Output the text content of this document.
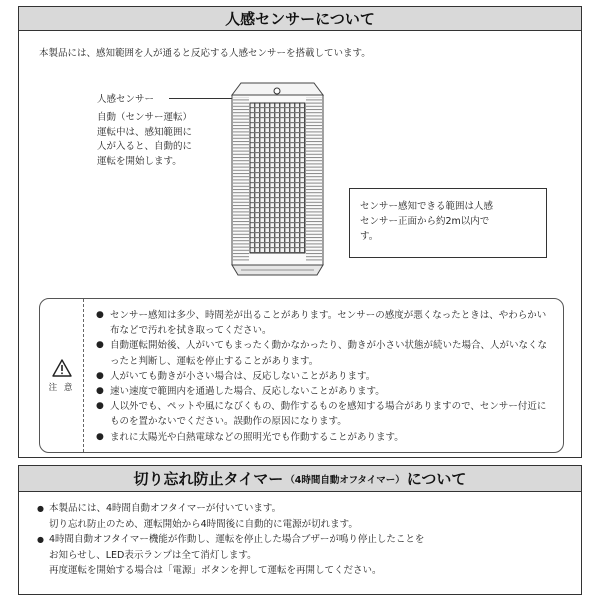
人感センサーについて
本製品には、感知範囲を人が通ると反応する人感センサーを搭載しています。
人感センサー
自動（センサー運転）
運転中は、感知範囲に
人が入ると、自動的に
運転を開始します。
センサー感知できる範囲は人感
センサー正面から約2m以内で
す。
注 意
● センサー感知は多少、時間差が出ることがあります。センサーの感度が悪くなったときは、やわらかい布などで汚れを拭き取ってください。
● 自動運転開始後、人がいてもまったく動かなかったり、動きが小さい状態が続いた場合、人がいなくなったと判断し、運転を停止することがあります。
● 人がいても動きが小さい場合は、反応しないことがあります。
● 速い速度で範囲内を通過した場合、反応しないことがあります。
● 人以外でも、ペットや風になびくもの、動作するものを感知する場合がありますので、センサー付近にものを置かないでください。誤動作の原因になります。
● まれに太陽光や白熱電球などの照明光でも作動することがあります。
切り忘れ防止タイマー （4時間自動オフタイマー） について
● 本製品には、4時間自動オフタイマーが付いています。
切り忘れ防止のため、運転開始から4時間後に自動的に電源が切れます。
● 4時間自動オフタイマー機能が作動し、運転を停止した場合ブザーが鳴り停止したことを
お知らせし、LED表示ランプは全て消灯します。
再度運転を開始する場合は「電源」ボタンを押して運転を再開してください。
